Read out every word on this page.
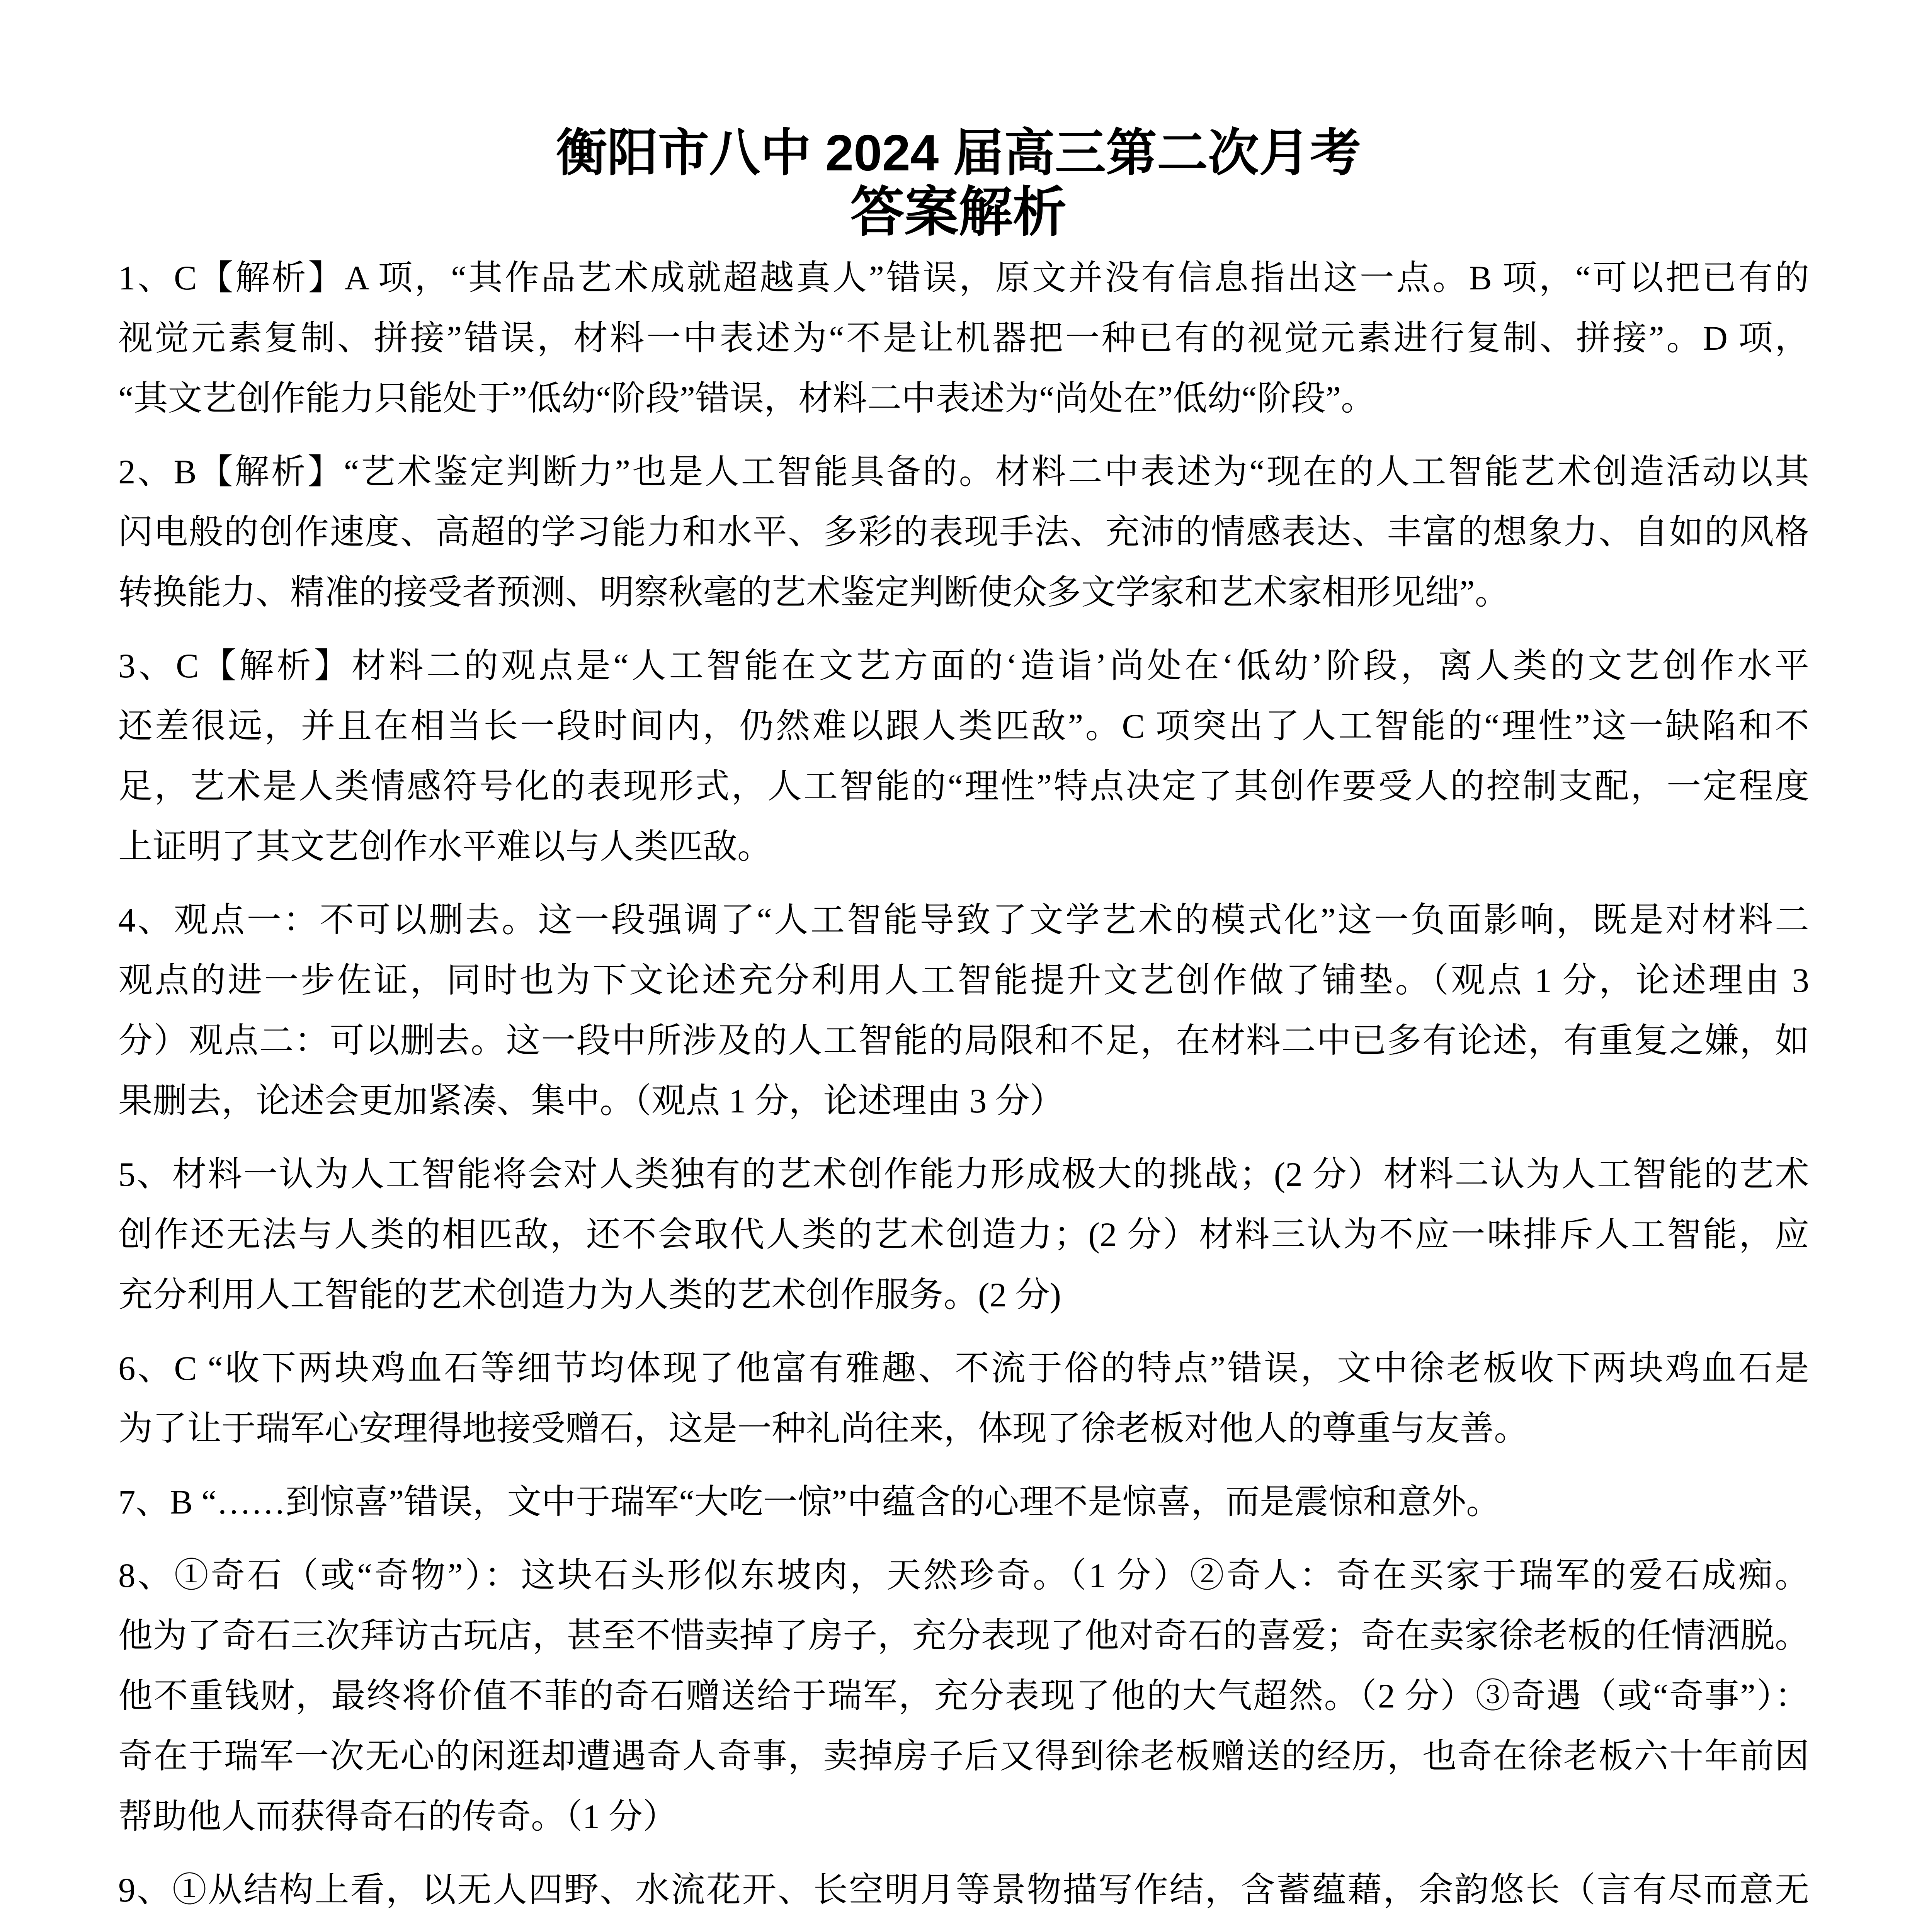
衡阳市八中 2024 届高三第二次月考
答案解析
1、C【解析】A 项，“其作品艺术成就超越真人”错误，原文并没有信息指出这一点。B 项，“可以把已有的
视觉元素复制、拼接”错误，材料一中表述为“不是让机器把一种已有的视觉元素进行复制、拼接”。D 项，
“其文艺创作能力只能处于”低幼“阶段”错误，材料二中表述为“尚处在”低幼“阶段”。
2、B【解析】“艺术鉴定判断力”也是人工智能具备的。材料二中表述为“现在的人工智能艺术创造活动以其
闪电般的创作速度、高超的学习能力和水平、多彩的表现手法、充沛的情感表达、丰富的想象力、自如的风格
转换能力、精准的接受者预测、明察秋毫的艺术鉴定判断使众多文学家和艺术家相形见绌”。
3、C【解析】材料二的观点是“人工智能在文艺方面的‘造诣’尚处在‘低幼’阶段，离人类的文艺创作水平
还差很远，并且在相当长一段时间内，仍然难以跟人类匹敌”。C 项突出了人工智能的“理性”这一缺陷和不
足，艺术是人类情感符号化的表现形式，人工智能的“理性”特点决定了其创作要受人的控制支配，一定程度
上证明了其文艺创作水平难以与人类匹敌。
4、观点一：不可以删去。这一段强调了“人工智能导致了文学艺术的模式化”这一负面影响，既是对材料二
观点的进一步佐证，同时也为下文论述充分利用人工智能提升文艺创作做了铺垫。（观点 1 分，论述理由 3
分）观点二：可以删去。这一段中所涉及的人工智能的局限和不足，在材料二中已多有论述，有重复之嫌，如
果删去，论述会更加紧凑、集中。（观点 1 分，论述理由 3 分）
5、材料一认为人工智能将会对人类独有的艺术创作能力形成极大的挑战；(2 分）材料二认为人工智能的艺术
创作还无法与人类的相匹敌，还不会取代人类的艺术创造力；(2 分）材料三认为不应一味排斥人工智能，应
充分利用人工智能的艺术创造力为人类的艺术创作服务。(2 分)
6、C “收下两块鸡血石等细节均体现了他富有雅趣、不流于俗的特点”错误，文中徐老板收下两块鸡血石是
为了让于瑞军心安理得地接受赠石，这是一种礼尚往来，体现了徐老板对他人的尊重与友善。
7、B “……到惊喜”错误，文中于瑞军“大吃一惊”中蕴含的心理不是惊喜，而是震惊和意外。
8、①奇石（或“奇物”）：这块石头形似东坡肉，天然珍奇。（1 分）②奇人：奇在买家于瑞军的爱石成痴。
他为了奇石三次拜访古玩店，甚至不惜卖掉了房子，充分表现了他对奇石的喜爱；奇在卖家徐老板的任情洒脱。
他不重钱财，最终将价值不菲的奇石赠送给于瑞军，充分表现了他的大气超然。（2 分）③奇遇（或“奇事”）：
奇在于瑞军一次无心的闲逛却遭遇奇人奇事，卖掉房子后又得到徐老板赠送的经历，也奇在徐老板六十年前因
帮助他人而获得奇石的传奇。（1 分）
9、①从结构上看，以无人四野、水流花开、长空明月等景物描写作结，含蓄蕴藉，余韵悠长（言有尽而意无
